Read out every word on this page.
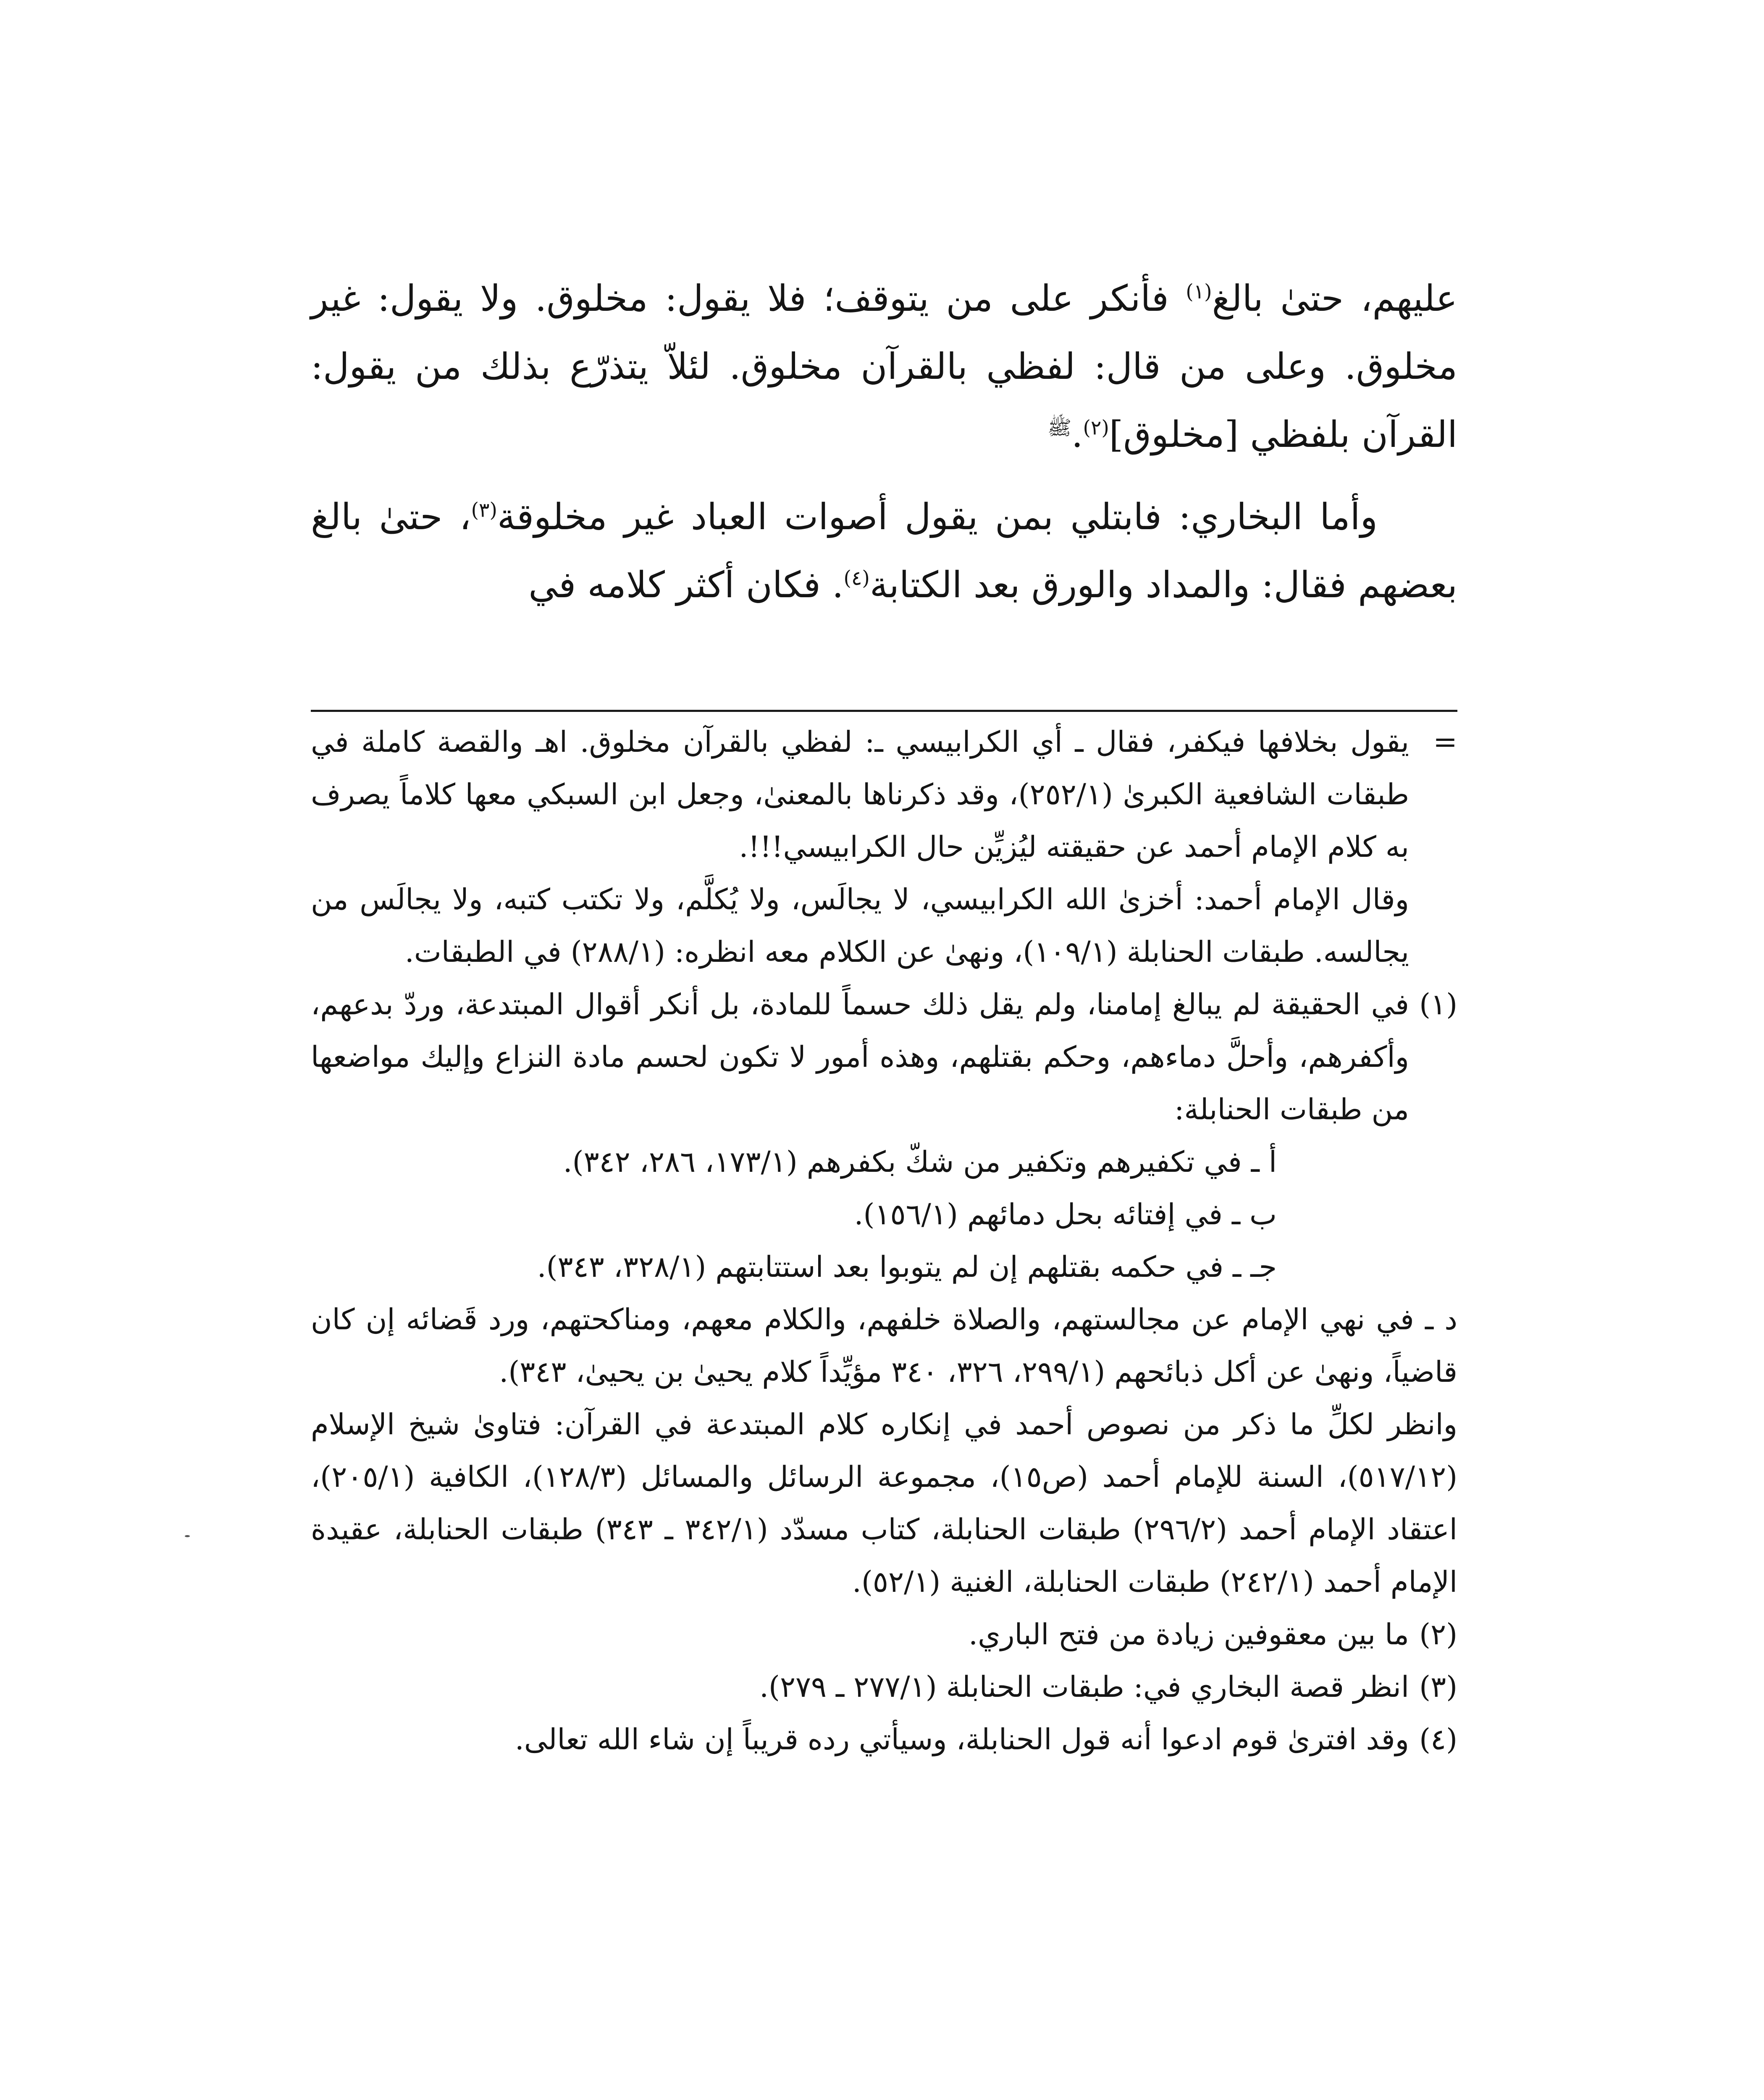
عليهم، حتىٰ بالغ$^{(١)}$ فأنكر على من يتوقف؛ فلا يقول: مخلوق. ولا يقول: غير مخلوق. وعلى من قال: لفظي بالقرآن مخلوق. لئلاّ يتذرّع بذلك من يقول: القرآن بلفظي [مخلوق]$^{(٢)}$.$^ﷺ$

وأما البخاري: فابتلي بمن يقول أصوات العباد غير مخلوقة$^{(٣)}$، حتىٰ بالغ بعضهم فقال: والمداد والورق بعد الكتابة$^{(٤)}$. فكان أكثر كلامه في

=يقول بخلافها فيكفر، فقال ـ أي الكرابيسي ـ: لفظي بالقرآن مخلوق. اهـ والقصة كاملة في طبقات الشافعية الكبرىٰ (٢٥٢/١)، وقد ذكرناها بالمعنىٰ، وجعل ابن السبكي معها كلاماً يصرف به كلام الإمام أحمد عن حقيقته ليُزيِّن حال الكرابيسي!!!.

وقال الإمام أحمد: أخزىٰ الله الكرابيسي، لا يجالَس، ولا يُكلَّم، ولا تكتب كتبه، ولا يجالَس من يجالسه. طبقات الحنابلة (١٠٩/١)، ونهىٰ عن الكلام معه انظره: (٢٨٨/١) في الطبقات.

(١)في الحقيقة لم يبالغ إمامنا، ولم يقل ذلك حسماً للمادة، بل أنكر أقوال المبتدعة، وردّ بدعهم، وأكفرهم، وأحلَّ دماءهم، وحكم بقتلهم، وهذه أمور لا تكون لحسم مادة النزاع وإليك مواضعها من طبقات الحنابلة:

أ ـ في تكفيرهم وتكفير من شكّ بكفرهم (١٧٣/١، ٢٨٦، ٣٤٢).

ب ـ في إفتائه بحل دمائهم (١٥٦/١).

جـ ـ في حكمه بقتلهم إن لم يتوبوا بعد استتابتهم (٣٢٨/١، ٣٤٣).

د ـ في نهي الإمام عن مجالستهم، والصلاة خلفهم، والكلام معهم، ومناكحتهم، ورد قَضائه إن كان قاضياً، ونهىٰ عن أكل ذبائحهم (٢٩٩/١، ٣٢٦، ٣٤٠ مؤيِّداً كلام يحيىٰ بن يحيىٰ، ٣٤٣).

وانظر لكلِّ ما ذكر من نصوص أحمد في إنكاره كلام المبتدعة في القرآن: فتاوىٰ شيخ الإسلام (٥١٧/١٢)، السنة للإمام أحمد (ص١٥)، مجموعة الرسائل والمسائل (١٢٨/٣)، الكافية (٢٠٥/١)، اعتقاد الإمام أحمد (٢٩٦/٢) طبقات الحنابلة، كتاب مسدّد (٣٤٢/١ ـ ٣٤٣) طبقات الحنابلة، عقيدة الإمام أحمد (٢٤٢/١) طبقات الحنابلة، الغنية (٥٢/١).

(٢)ما بين معقوفين زيادة من فتح الباري.

(٣)انظر قصة البخاري في: طبقات الحنابلة (٢٧٧/١ ـ ٢٧٩).

(٤)وقد افترىٰ قوم ادعوا أنه قول الحنابلة، وسيأتي رده قريباً إن شاء الله تعالى.
